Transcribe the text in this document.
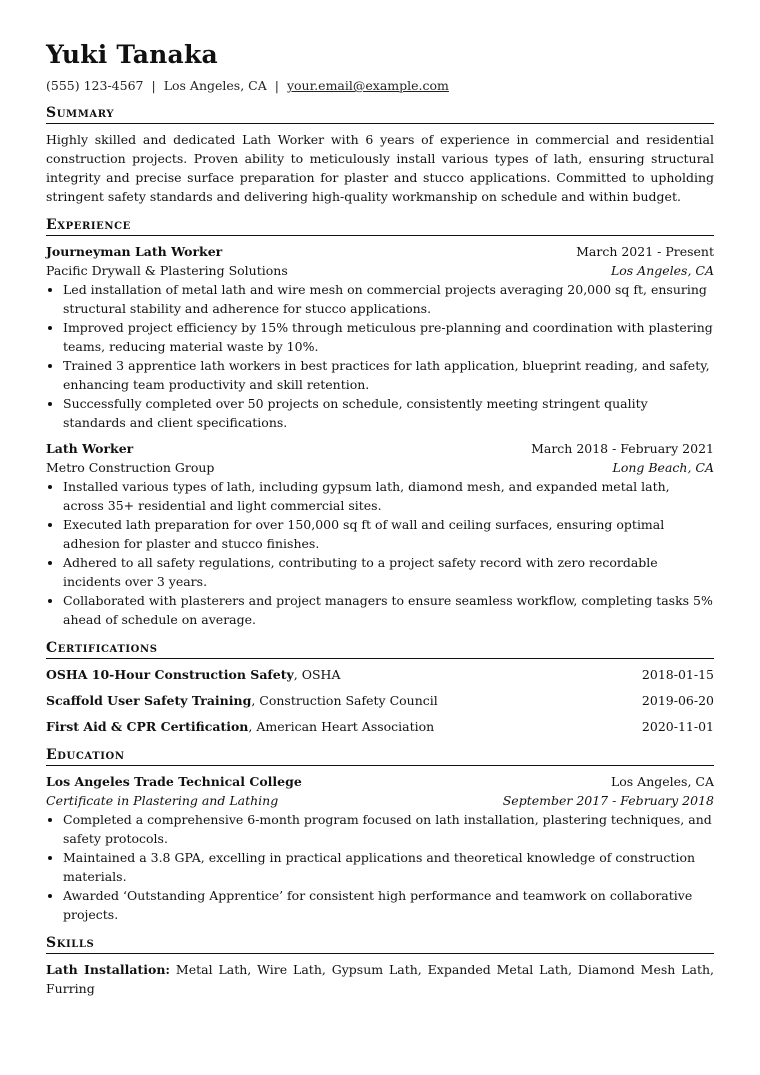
Yuki Tanaka
(555) 123-4567 | Los Angeles, CA | your.email@example.com
Summary

Highly skilled and dedicated Lath Worker with 6 years of experience in commercial and residential construction projects. Proven ability to meticulously install various types of lath, ensuring structural integrity and precise surface preparation for plaster and stucco applications. Committed to upholding stringent safety standards and delivering high-quality workmanship on schedule and within budget.

Experience
Journeyman Lath Worker	March 2021 - Present
Pacific Drywall & Plastering Solutions	Los Angeles, CA
• Led installation of metal lath and wire mesh on commercial projects averaging 20,000 sq ft, ensuring structural stability and adherence for stucco applications.
• Improved project efficiency by 15% through meticulous pre-planning and coordination with plastering teams, reducing material waste by 10%.
• Trained 3 apprentice lath workers in best practices for lath application, blueprint reading, and safety, enhancing team productivity and skill retention.
• Successfully completed over 50 projects on schedule, consistently meeting stringent quality standards and client specifications.
Lath Worker	March 2018 - February 2021
Metro Construction Group	Long Beach, CA
• Installed various types of lath, including gypsum lath, diamond mesh, and expanded metal lath, across 35+ residential and light commercial sites.
• Executed lath preparation for over 150,000 sq ft of wall and ceiling surfaces, ensuring optimal adhesion for plaster and stucco finishes.
• Adhered to all safety regulations, contributing to a project safety record with zero recordable incidents over 3 years.
• Collaborated with plasterers and project managers to ensure seamless workflow, completing tasks 5% ahead of schedule on average.
Certifications
OSHA 10-Hour Construction Safety, OSHA	2018-01-15
Scaffold User Safety Training, Construction Safety Council	2019-06-20
First Aid & CPR Certification, American Heart Association	2020-11-01
Education
Los Angeles Trade Technical College	Los Angeles, CA
Certificate in Plastering and Lathing	September 2017 - February 2018
• Completed a comprehensive 6-month program focused on lath installation, plastering techniques, and safety protocols.
• Maintained a 3.8 GPA, excelling in practical applications and theoretical knowledge of construction materials.
• Awarded ‘Outstanding Apprentice’ for consistent high performance and teamwork on collaborative projects.
Skills

Lath Installation: Metal Lath, Wire Lath, Gypsum Lath, Expanded Metal Lath, Diamond Mesh Lath, Furring
